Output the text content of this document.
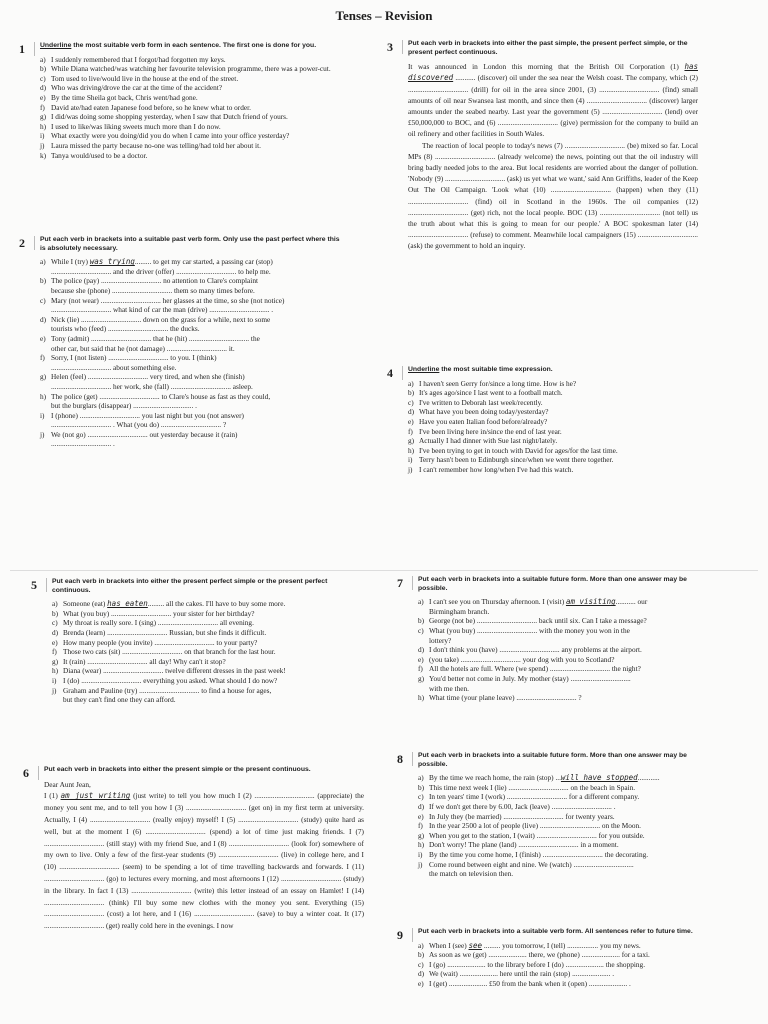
Tenses – Revision
1	Underline the most suitable verb form in each sentence. The first one is done for you.
a) I suddenly remembered that I forgot/had forgotten my keys.
b) While Diana watched/was watching her favourite television programme, there was a power-cut.
c) Tom used to live/would live in the house at the end of the street.
d) Who was driving/drove the car at the time of the accident?
e) By the time Sheila got back, Chris went/had gone.
f) David ate/had eaten Japanese food before, so he knew what to order.
g) I did/was doing some shopping yesterday, when I saw that Dutch friend of yours.
h) I used to like/was liking sweets much more than I do now.
i) What exactly were you doing/did you do when I came into your office yesterday?
j) Laura missed the party because no-one was telling/had told her about it.
k) Tanya would/used to be a doctor.
2	Put each verb in brackets into a suitable past verb form. Only use the past perfect where this is absolutely necessary.
a) While I (try) was trying......... to get my car started, a passing car (stop)
................................. and the driver (offer) ................................. to help me.
b) The police (pay) ................................. no attention to Clare's complaint
because she (phone) ................................. them so many times before.
c) Mary (not wear) ................................. her glasses at the time, so she (not notice)
................................. what kind of car the man (drive) ................................. .
d) Nick (lie) ................................. down on the grass for a while, next to some
tourists who (feed) ................................. the ducks.
e) Tony (admit) ................................. that he (hit) ................................. the
other car, but said that he (not damage) ................................. it.
f) Sorry, I (not listen) ................................. to you. I (think)
................................. about something else.
g) Helen (feel) ................................. very tired, and when she (finish)
................................. her work, she (fall) ................................. asleep.
h) The police (get) ................................. to Clare's house as fast as they could,
but the burglars (disappear) ................................. .
i) I (phone) ................................. you last night but you (not answer)
................................. . What (you do) ................................. ?
j) We (not go) ................................. out yesterday because it (rain)
................................. .
3	Put each verb in brackets into either the past simple, the present perfect simple, or the present perfect continuous.
It was announced in London this morning that the British Oil Corporation (1) has discovered ........... (discover) oil under the sea near the Welsh coast. The company, which (2) ................................. (drill) for oil in the area since 2001, (3) ................................. (find) small amounts of oil near Swansea last month, and since then (4) ................................. (discover) larger amounts under the seabed nearby. Last year the government (5) ................................. (lend) over £50,000,000 to BOC, and (6) ................................. (give) permission for the company to build an oil refinery and other facilities in South Wales.
The reaction of local people to today's news (7) ................................. (be) mixed so far. Local MPs (8) ................................. (already welcome) the news, pointing out that the oil industry will bring badly needed jobs to the area. But local residents are worried about the danger of pollution. 'Nobody (9) ................................. (ask) us yet what we want,' said Ann Griffiths, leader of the Keep Out The Oil Campaign. 'Look what (10) ................................. (happen) when they (11) ................................. (find) oil in Scotland in the 1960s. The oil companies (12) ................................. (get) rich, not the local people. BOC (13) ................................. (not tell) us the truth about what this is going to mean for our people.' A BOC spokesman later (14) ................................. (refuse) to comment. Meanwhile local campaigners (15) ................................. (ask) the government to hold an inquiry.
4	Underline the most suitable time expression.
a) I haven't seen Gerry for/since a long time. How is he?
b) It's ages ago/since I last went to a football match.
c) I've written to Deborah last week/recently.
d) What have you been doing today/yesterday?
e) Have you eaten Italian food before/already?
f) I've been living here in/since the end of last year.
g) Actually I had dinner with Sue last night/lately.
h) I've been trying to get in touch with David for ages/for the last time.
i) Terry hasn't been to Edinburgh since/when we went there together.
j) I can't remember how long/when I've had this watch.
5	Put each verb in brackets into either the present perfect simple or the present perfect continuous.
a) Someone (eat) has eaten......... all the cakes. I'll have to buy some more.
b) What (you buy) ................................. your sister for her birthday?
c) My throat is really sore. I (sing) ................................. all evening.
d) Brenda (learn) ................................. Russian, but she finds it difficult.
e) How many people (you invite) ................................. to your party?
f) Those two cats (sit) ................................. on that branch for the last hour.
g) It (rain) ................................. all day! Why can't it stop?
h) Diana (wear) ................................. twelve different dresses in the past week!
i) I (do) ................................. everything you asked. What should I do now?
j) Graham and Pauline (try) ................................. to find a house for ages,
but they can't find one they can afford.
6	Put each verb in brackets into either the present simple or the present continuous.
Dear Aunt Jean,
I (1) am just writing (just write) to tell you how much I (2) ................................. (appreciate) the money you sent me, and to tell you how I (3) ................................. (get on) in my first term at university. Actually, I (4) ................................. (really enjoy) myself! I (5) ................................. (study) quite hard as well, but at the moment I (6) ................................. (spend) a lot of time just making friends. I (7) ................................. (still stay) with my friend Sue, and I (8) ................................. (look for) somewhere of my own to live. Only a few of the first-year students (9) ................................. (live) in college here, and I (10) ................................. (seem) to be spending a lot of time travelling backwards and forwards. I (11) ................................. (go) to lectures every morning, and most afternoons I (12) ................................. (study) in the library. In fact I (13) ................................. (write) this letter instead of an essay on Hamlet! I (14) ................................. (think) I'll buy some new clothes with the money you sent. Everything (15) ................................. (cost) a lot here, and I (16) ................................. (save) to buy a winter coat. It (17) ................................. (get) really cold here in the evenings. I now
7	Put each verb in brackets into a suitable future form. More than one answer may be possible.
a) I can't see you on Thursday afternoon. I (visit) am visiting........... our
Birmingham branch.
b) George (not be) ................................. back until six. Can I take a message?
c) What (you buy) ................................. with the money you won in the
lottery?
d) I don't think you (have) ................................. any problems at the airport.
e) (you take) ................................. your dog with you to Scotland?
f) All the hotels are full. Where (we spend) ................................. the night?
g) You'd better not come in July. My mother (stay) .................................
with me then.
h) What time (your plane leave) ................................. ?
8	Put each verb in brackets into a suitable future form. More than one answer may be possible.
a) By the time we reach home, the rain (stop) ...will have stopped............
b) This time next week I (lie) ................................. on the beach in Spain.
c) In ten years' time I (work) ................................. for a different company.
d) If we don't get there by 6.00, Jack (leave) ................................. .
e) In July they (be married) ................................. for twenty years.
f) In the year 2500 a lot of people (live) ................................. on the Moon.
g) When you get to the station, I (wait) ................................. for you outside.
h) Don't worry! The plane (land) ................................. in a moment.
i) By the time you come home, I (finish) ................................. the decorating.
j) Come round between eight and nine. We (watch) .................................
the match on television then.
9	Put each verb in brackets into a suitable verb form. All sentences refer to future time.
a) When I (see) see ......... you tomorrow, I (tell) ................. you my news.
b) As soon as we (get) ..................... there, we (phone) ..................... for a taxi.
c) I (go) ..................... to the library before I (do) ..................... the shopping.
d) We (wait) ..................... here until the rain (stop) ..................... .
e) I (get) ..................... £50 from the bank when it (open) ..................... .
